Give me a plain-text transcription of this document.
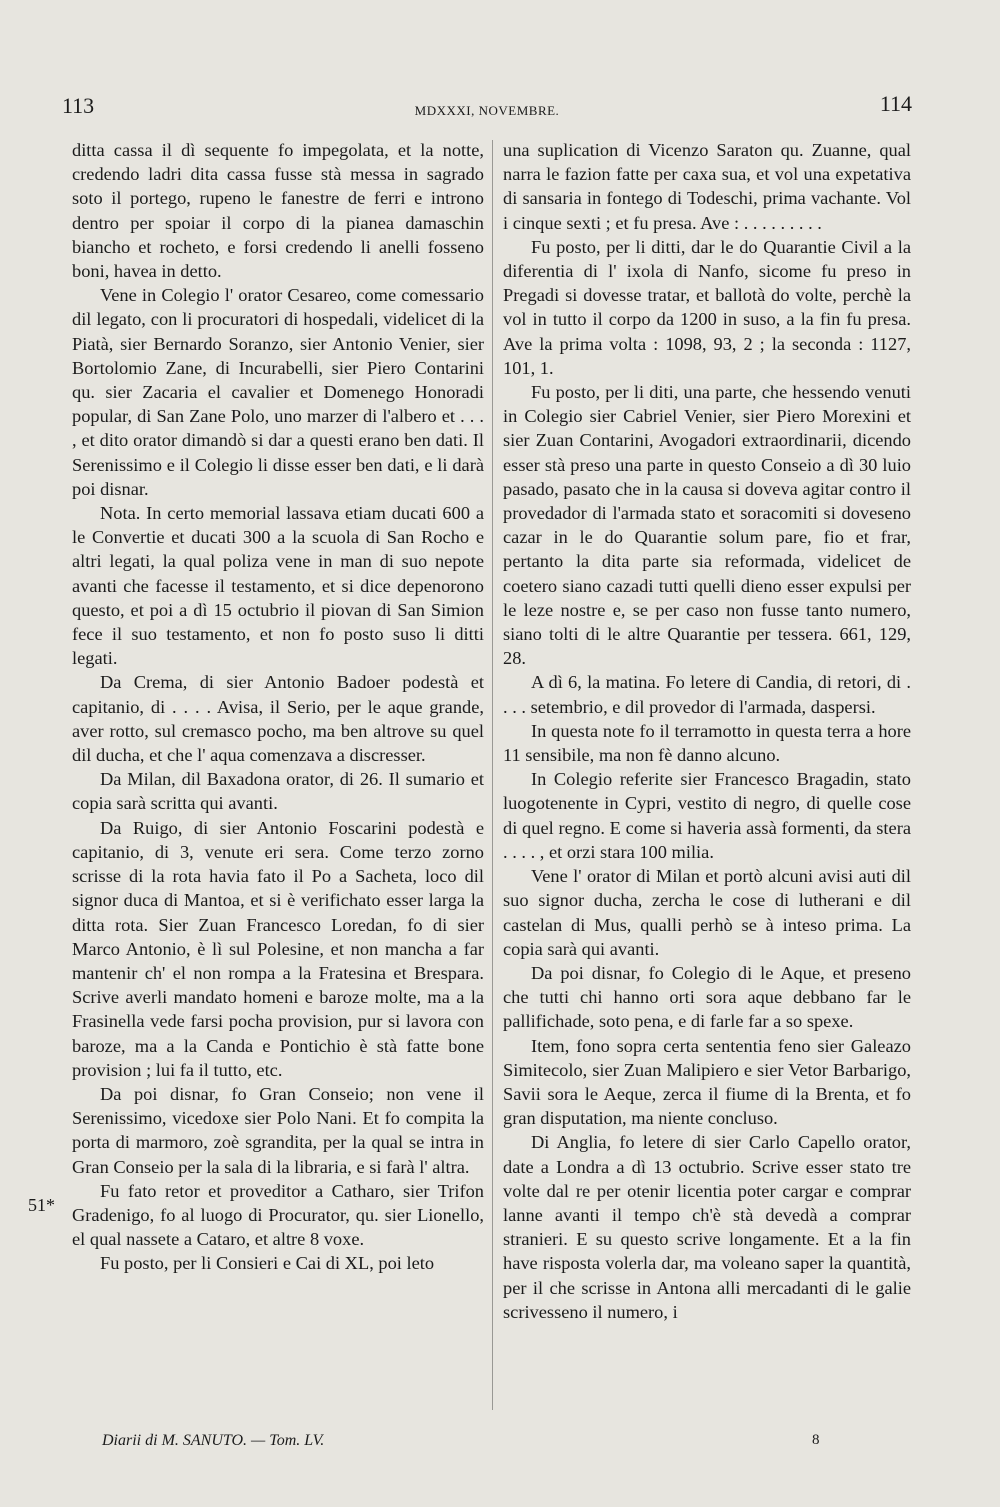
113	MDXXXI, NOVEMBRE.	114

ditta cassa il dì sequente fo impegolata, et la notte, credendo ladri dita cassa fusse stà messa in sagrado soto il portego, rupeno le fanestre de ferri e introno dentro per spoiar il corpo di la pianea damaschin biancho et rocheto, e forsi credendo li anelli fosseno boni, havea in detto.

Vene in Colegio l' orator Cesareo, come comessario dil legato, con li procuratori di hospedali, videlicet di la Piatà, sier Bernardo Soranzo, sier Antonio Venier, sier Bortolomio Zane, di Incurabelli, sier Piero Contarini qu. sier Zacaria el cavalier et Domenego Honoradi popular, di San Zane Polo, uno marzer di l'albero et . . . , et dito orator dimandò si dar a questi erano ben dati. Il Serenissimo e il Colegio li disse esser ben dati, e li darà poi disnar.

Nota. In certo memorial lassava etiam ducati 600 a le Convertie et ducati 300 a la scuola di San Rocho e altri legati, la qual poliza vene in man di suo nepote avanti che facesse il testamento, et si dice depenorono questo, et poi a dì 15 octubrio il piovan di San Simion fece il suo testamento, et non fo posto suso li ditti legati.

Da Crema, di sier Antonio Badoer podestà et capitanio, di . . . . Avisa, il Serio, per le aque grande, aver rotto, sul cremasco pocho, ma ben altrove su quel dil ducha, et che l' aqua comenzava a discresser.

Da Milan, dil Baxadona orator, di 26. Il sumario et copia sarà scritta qui avanti.

Da Ruigo, di sier Antonio Foscarini podestà e capitanio, di 3, venute eri sera. Come terzo zorno scrisse di la rota havia fato il Po a Sacheta, loco dil signor duca di Mantoa, et si è verifichato esser larga la ditta rota. Sier Zuan Francesco Loredan, fo di sier Marco Antonio, è lì sul Polesine, et non mancha a far mantenir ch' el non rompa a la Fratesina et Brespara. Scrive averli mandato homeni e baroze molte, ma a la Frasinella vede farsi pocha provision, pur si lavora con baroze, ma a la Canda e Pontichio è stà fatte bone provision ; lui fa il tutto, etc.

Da poi disnar, fo Gran Conseio; non vene il Serenissimo, vicedoxe sier Polo Nani. Et fo compita la porta di marmoro, zoè sgrandita, per la qual se intra in Gran Conseio per la sala di la libraria, e si farà l' altra.

Fu fato retor et proveditor a Catharo, sier Trifon Gradenigo, fo al luogo di Procurator, qu. sier Lionello, el qual nassete a Cataro, et altre 8 voxe.

Fu posto, per li Consieri e Cai di XL, poi leto

una suplication di Vicenzo Saraton qu. Zuanne, qual narra le fazion fatte per caxa sua, et vol una expetativa di sansaria in fontego di Todeschi, prima vachante. Vol i cinque sexti ; et fu presa. Ave : . . . . . . . . .

Fu posto, per li ditti, dar le do Quarantie Civil a la diferentia di l' ixola di Nanfo, sicome fu preso in Pregadi si dovesse tratar, et ballotà do volte, perchè la vol in tutto il corpo da 1200 in suso, a la fin fu presa. Ave la prima volta : 1098, 93, 2 ; la seconda : 1127, 101, 1.

Fu posto, per li diti, una parte, che hessendo venuti in Colegio sier Cabriel Venier, sier Piero Morexini et sier Zuan Contarini, Avogadori extraordinarii, dicendo esser stà preso una parte in questo Conseio a dì 30 luio pasado, pasato che in la causa si doveva agitar contro il provedador di l'armada stato et soracomiti si doveseno cazar in le do Quarantie solum pare, fio et frar, pertanto la dita parte sia reformada, videlicet de coetero siano cazadi tutti quelli dieno esser expulsi per le leze nostre e, se per caso non fusse tanto numero, siano tolti di le altre Quarantie per tessera. 661, 129, 28.

A dì 6, la matina. Fo letere di Candia, di retori, di . . . . setembrio, e dil provedor di l'armada, daspersi.

In questa note fo il terramotto in questa terra a hore 11 sensibile, ma non fè danno alcuno.

In Colegio referite sier Francesco Bragadin, stato luogotenente in Cypri, vestito di negro, di quelle cose di quel regno. E come si haveria assà formenti, da stera . . . . , et orzi stara 100 milia.

Vene l' orator di Milan et portò alcuni avisi auti dil suo signor ducha, zercha le cose di lutherani e dil castelan di Mus, qualli perhò se à inteso prima. La copia sarà qui avanti.

Da poi disnar, fo Colegio di le Aque, et preseno che tutti chi hanno orti sora aque debbano far le pallifichade, soto pena, e di farle far a so spexe.

Item, fono sopra certa sententia feno sier Galeazo Simitecolo, sier Zuan Malipiero e sier Vetor Barbarigo, Savii sora le Aeque, zerca il fiume di la Brenta, et fo gran disputation, ma niente concluso.

Di Anglia, fo letere di sier Carlo Capello orator, date a Londra a dì 13 octubrio. Scrive esser stato tre volte dal re per otenir licentia poter cargar e comprar lanne avanti il tempo ch'è stà devedà a comprar stranieri. E su questo scrive longamente. Et a la fin have risposta volerla dar, ma voleano saper la quantità, per il che scrisse in Antona alli mercadanti di le galie scrivesseno il numero, i

51*
Diarii di M. SANUTO. — Tom. LV.	8
